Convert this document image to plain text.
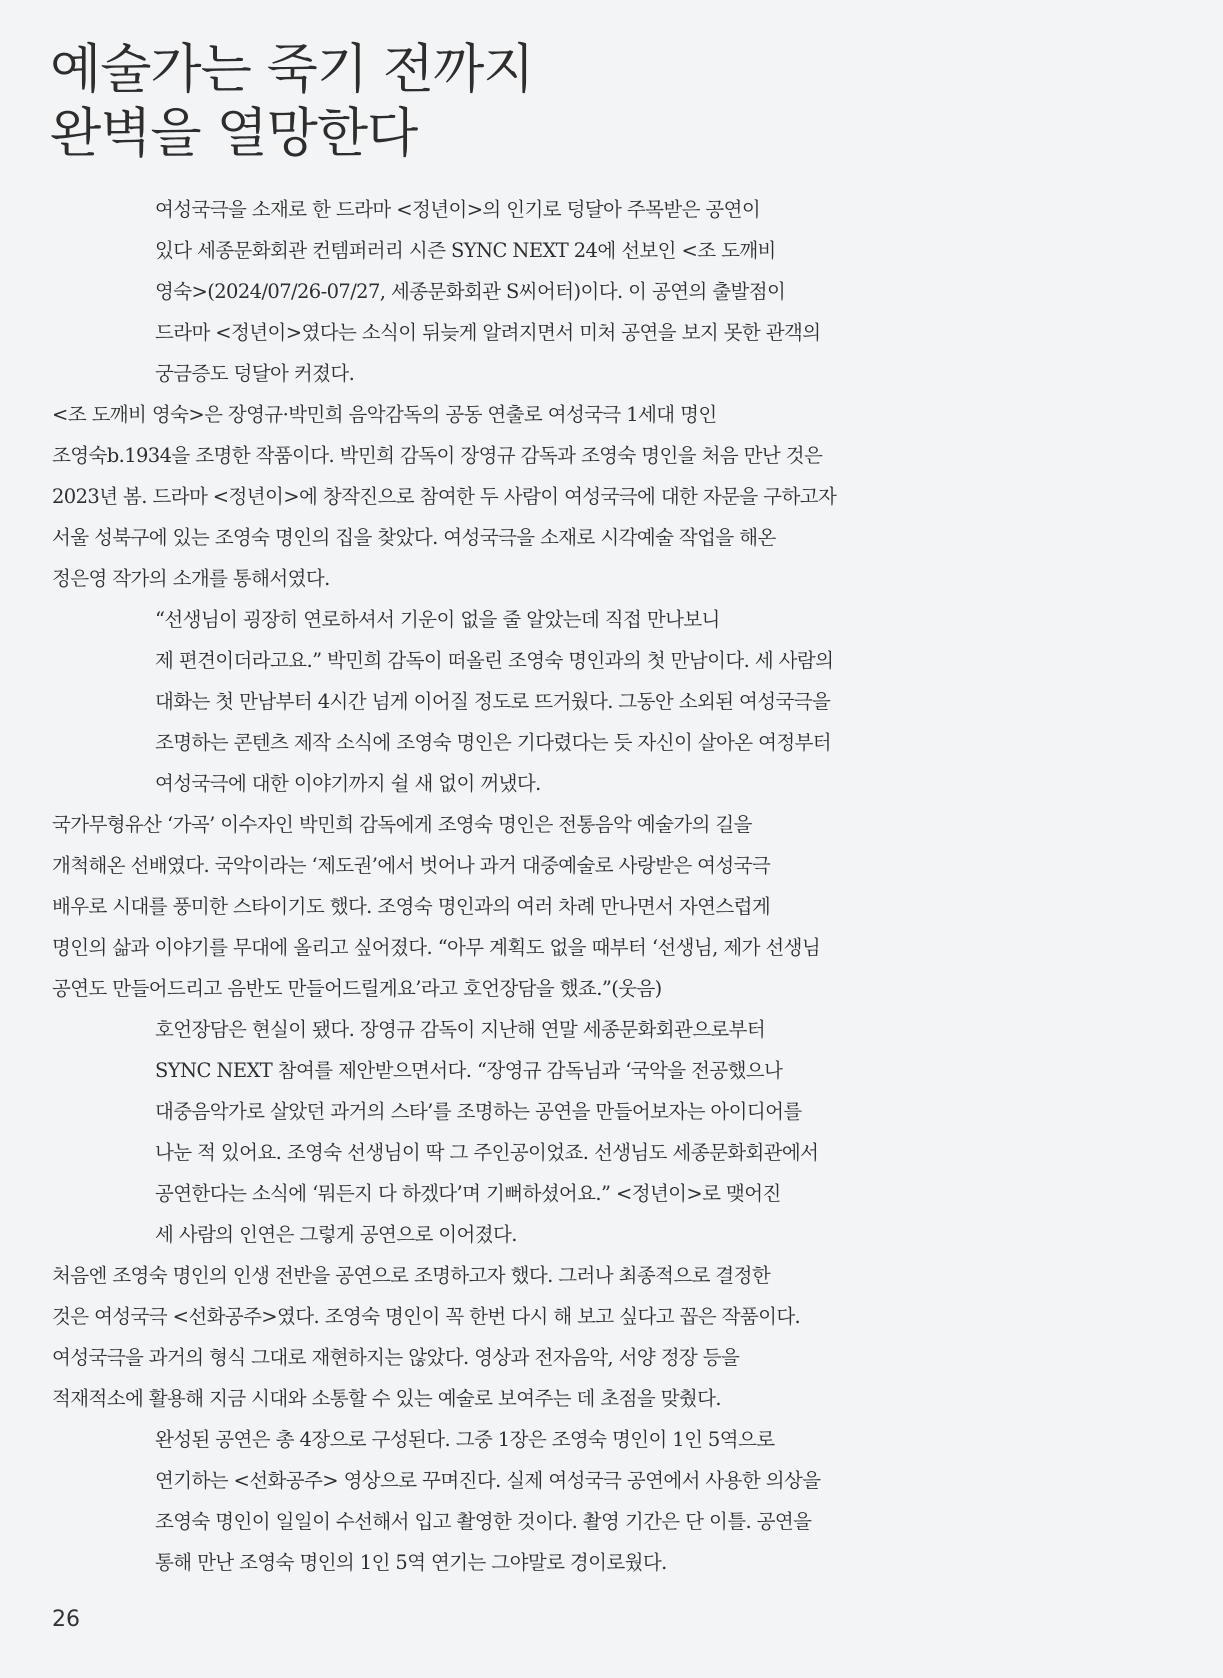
예술가는 죽기 전까지
완벽을 열망한다
여성국극을 소재로 한 드라마 <정년이>의 인기로 덩달아 주목받은 공연이
있다 세종문화회관 컨템퍼러리 시즌 SYNC NEXT 24에 선보인 <조 도깨비
영숙>(2024/07/26-07/27, 세종문화회관 S씨어터)이다. 이 공연의 출발점이
드라마 <정년이>였다는 소식이 뒤늦게 알려지면서 미처 공연을 보지 못한 관객의
궁금증도 덩달아 커졌다.
<조 도깨비 영숙>은 장영규·박민희 음악감독의 공동 연출로 여성국극 1세대 명인
조영숙b.1934을 조명한 작품이다. 박민희 감독이 장영규 감독과 조영숙 명인을 처음 만난 것은
2023년 봄. 드라마 <정년이>에 창작진으로 참여한 두 사람이 여성국극에 대한 자문을 구하고자
서울 성북구에 있는 조영숙 명인의 집을 찾았다. 여성국극을 소재로 시각예술 작업을 해온
정은영 작가의 소개를 통해서였다.
“선생님이 굉장히 연로하셔서 기운이 없을 줄 알았는데 직접 만나보니
제 편견이더라고요.” 박민희 감독이 떠올린 조영숙 명인과의 첫 만남이다. 세 사람의
대화는 첫 만남부터 4시간 넘게 이어질 정도로 뜨거웠다. 그동안 소외된 여성국극을
조명하는 콘텐츠 제작 소식에 조영숙 명인은 기다렸다는 듯 자신이 살아온 여정부터
여성국극에 대한 이야기까지 쉴 새 없이 꺼냈다.
국가무형유산 ‘가곡’ 이수자인 박민희 감독에게 조영숙 명인은 전통음악 예술가의 길을
개척해온 선배였다. 국악이라는 ‘제도권’에서 벗어나 과거 대중예술로 사랑받은 여성국극
배우로 시대를 풍미한 스타이기도 했다. 조영숙 명인과의 여러 차례 만나면서 자연스럽게
명인의 삶과 이야기를 무대에 올리고 싶어졌다. “아무 계획도 없을 때부터 ‘선생님, 제가 선생님
공연도 만들어드리고 음반도 만들어드릴게요’라고 호언장담을 했죠.”(웃음)
호언장담은 현실이 됐다. 장영규 감독이 지난해 연말 세종문화회관으로부터
SYNC NEXT 참여를 제안받으면서다. “장영규 감독님과 ‘국악을 전공했으나
대중음악가로 살았던 과거의 스타’를 조명하는 공연을 만들어보자는 아이디어를
나눈 적 있어요. 조영숙 선생님이 딱 그 주인공이었죠. 선생님도 세종문화회관에서
공연한다는 소식에 ‘뭐든지 다 하겠다’며 기뻐하셨어요.” <정년이>로 맺어진
세 사람의 인연은 그렇게 공연으로 이어졌다.
처음엔 조영숙 명인의 인생 전반을 공연으로 조명하고자 했다. 그러나 최종적으로 결정한
것은 여성국극 <선화공주>였다. 조영숙 명인이 꼭 한번 다시 해 보고 싶다고 꼽은 작품이다.
여성국극을 과거의 형식 그대로 재현하지는 않았다. 영상과 전자음악, 서양 정장 등을
적재적소에 활용해 지금 시대와 소통할 수 있는 예술로 보여주는 데 초점을 맞췄다.
완성된 공연은 총 4장으로 구성된다. 그중 1장은 조영숙 명인이 1인 5역으로
연기하는 <선화공주> 영상으로 꾸며진다. 실제 여성국극 공연에서 사용한 의상을
조영숙 명인이 일일이 수선해서 입고 촬영한 것이다. 촬영 기간은 단 이틀. 공연을
통해 만난 조영숙 명인의 1인 5역 연기는 그야말로 경이로웠다.
26
